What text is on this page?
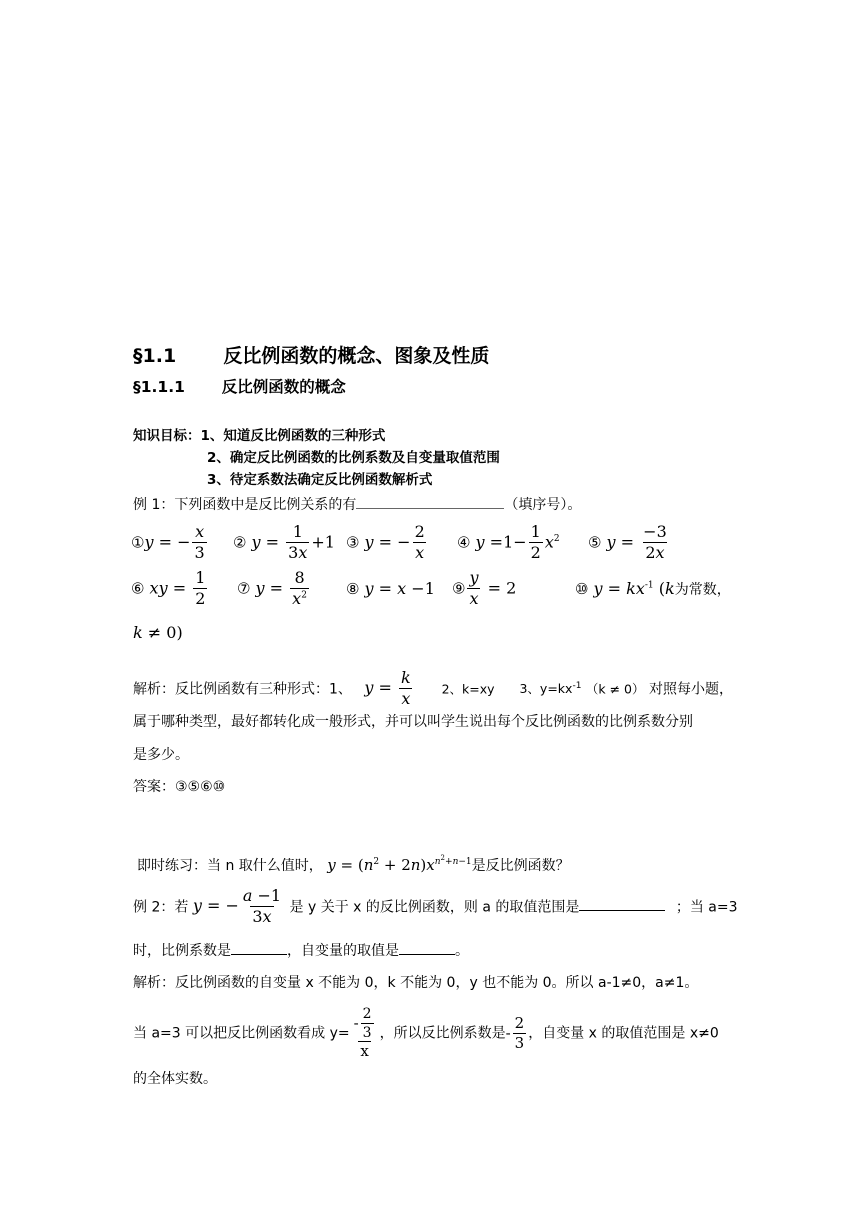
§1.1 反比例函数的概念、图象及性质
§1.1.1 反比例函数的概念
知识目标：1、知道反比例函数的三种形式
2、确定反比例函数的比例系数及自变量取值范围
3、待定系数法确定反比例函数解析式
例 1：下列函数中是反比例关系的有	（填序号）。
①y = − $\frac{x}{3}$ ② $y = \frac{1}{3x} +1$ ③ y = − $\frac{2}{x}$ ④ $y =1- \frac{1}{2} x^2$ ⑤ $y = \frac{-3}{2x}$
⑥ xy = $\frac{1}{2}$ ⑦ $y = \frac{8}{x^2}$ ⑧ y = x −1 ⑨ $\frac{y}{x} = 2$	⑩ $y = kx^{-1}$ (k为常数，
k ≠ 0)
解析：反比例函数有三种形式：1、 $y = \frac{k}{x} 2$、k=xy 3、$y=kx^{-1}$ （k ≠ 0） 对照每小题，
属于哪种类型，最好都转化成一般形式，并可以叫学生说出每个反比例函数的比例系数分别
是多少。
答案：③⑤⑥⑩
即时练习：当 n 取什么值时， $y = (n^2 + 2n)x^{n^2+n-1}$是反比例函数？
例 2：若 y = − $\frac{a -1}{3x}$ 是 y 关于 x 的反比例函数，则 a 的取值范围是	；当 a=3
时，比例系数是	，自变量的取值是	。
解析：反比例函数的自变量 x 不能为 0，k 不能为 0，y 也不能为 0。所以 a-1≠0，a≠1。
当 a=3 可以把反比例函数看成 $y= \frac{- \frac{2}{3}}{x}$ ，所以反比例系数是- $\frac{2}{3}$ ，自变量 x 的取值范围是 x≠0
的全体实数。
